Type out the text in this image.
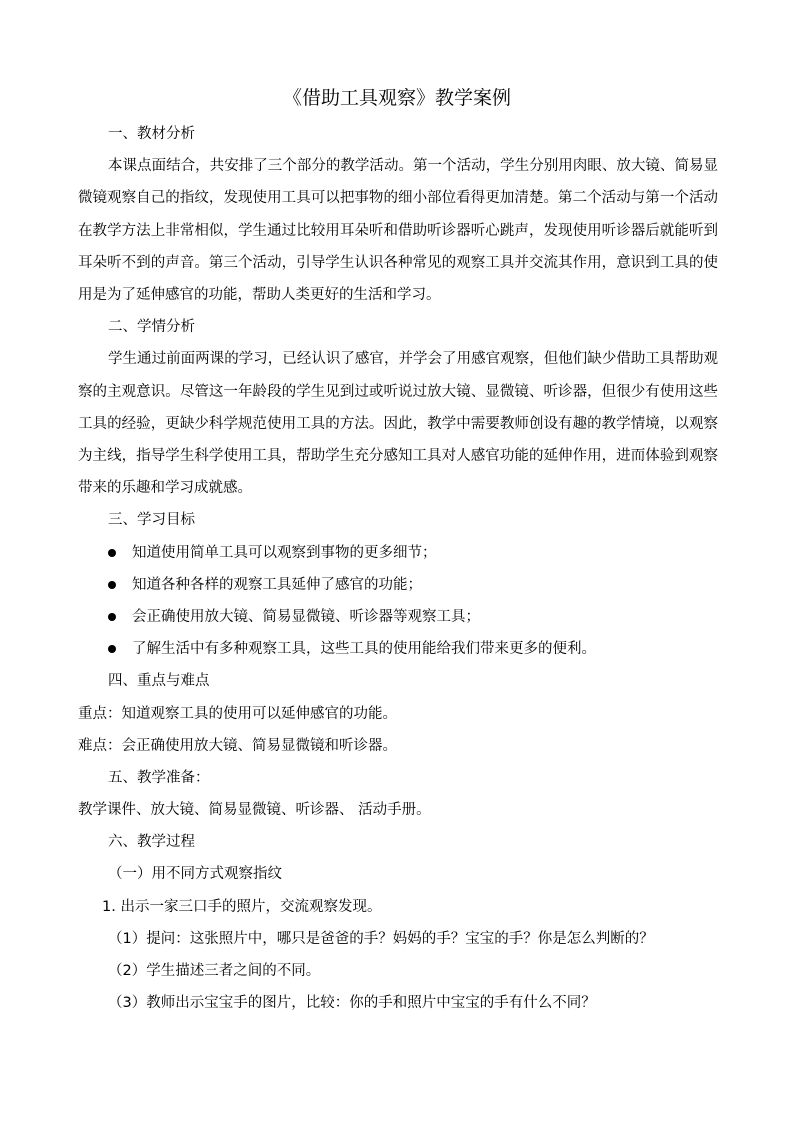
《借助工具观察》教学案例
一、教材分析

本课点面结合，共安排了三个部分的教学活动。第一个活动，学生分别用肉眼、放大镜、简易显微镜观察自己的指纹，发现使用工具可以把事物的细小部位看得更加清楚。第二个活动与第一个活动在教学方法上非常相似，学生通过比较用耳朵听和借助听诊器听心跳声，发现使用听诊器后就能听到耳朵听不到的声音。第三个活动，引导学生认识各种常见的观察工具并交流其作用，意识到工具的使用是为了延伸感官的功能，帮助人类更好的生活和学习。

二、学情分析

学生通过前面两课的学习，已经认识了感官，并学会了用感官观察，但他们缺少借助工具帮助观察的主观意识。尽管这一年龄段的学生见到过或听说过放大镜、显微镜、听诊器，但很少有使用这些工具的经验，更缺少科学规范使用工具的方法。因此，教学中需要教师创设有趣的教学情境，以观察为主线，指导学生科学使用工具，帮助学生充分感知工具对人感官功能的延伸作用，进而体验到观察带来的乐趣和学习成就感。

三、学习目标
知道使用简单工具可以观察到事物的更多细节；
知道各种各样的观察工具延伸了感官的功能；
会正确使用放大镜、简易显微镜、听诊器等观察工具；
了解生活中有多种观察工具，这些工具的使用能给我们带来更多的便利。
四、重点与难点
重点：知道观察工具的使用可以延伸感官的功能。
难点：会正确使用放大镜、简易显微镜和听诊器。
五、教学准备：
教学课件、放大镜、简易显微镜、听诊器、 活动手册。
六、教学过程
（一）用不同方式观察指纹
1. 出示一家三口手的照片，交流观察发现。
（1）提问：这张照片中，哪只是爸爸的手？妈妈的手？宝宝的手？你是怎么判断的？
（2）学生描述三者之间的不同。
（3）教师出示宝宝手的图片，比较：你的手和照片中宝宝的手有什么不同？
